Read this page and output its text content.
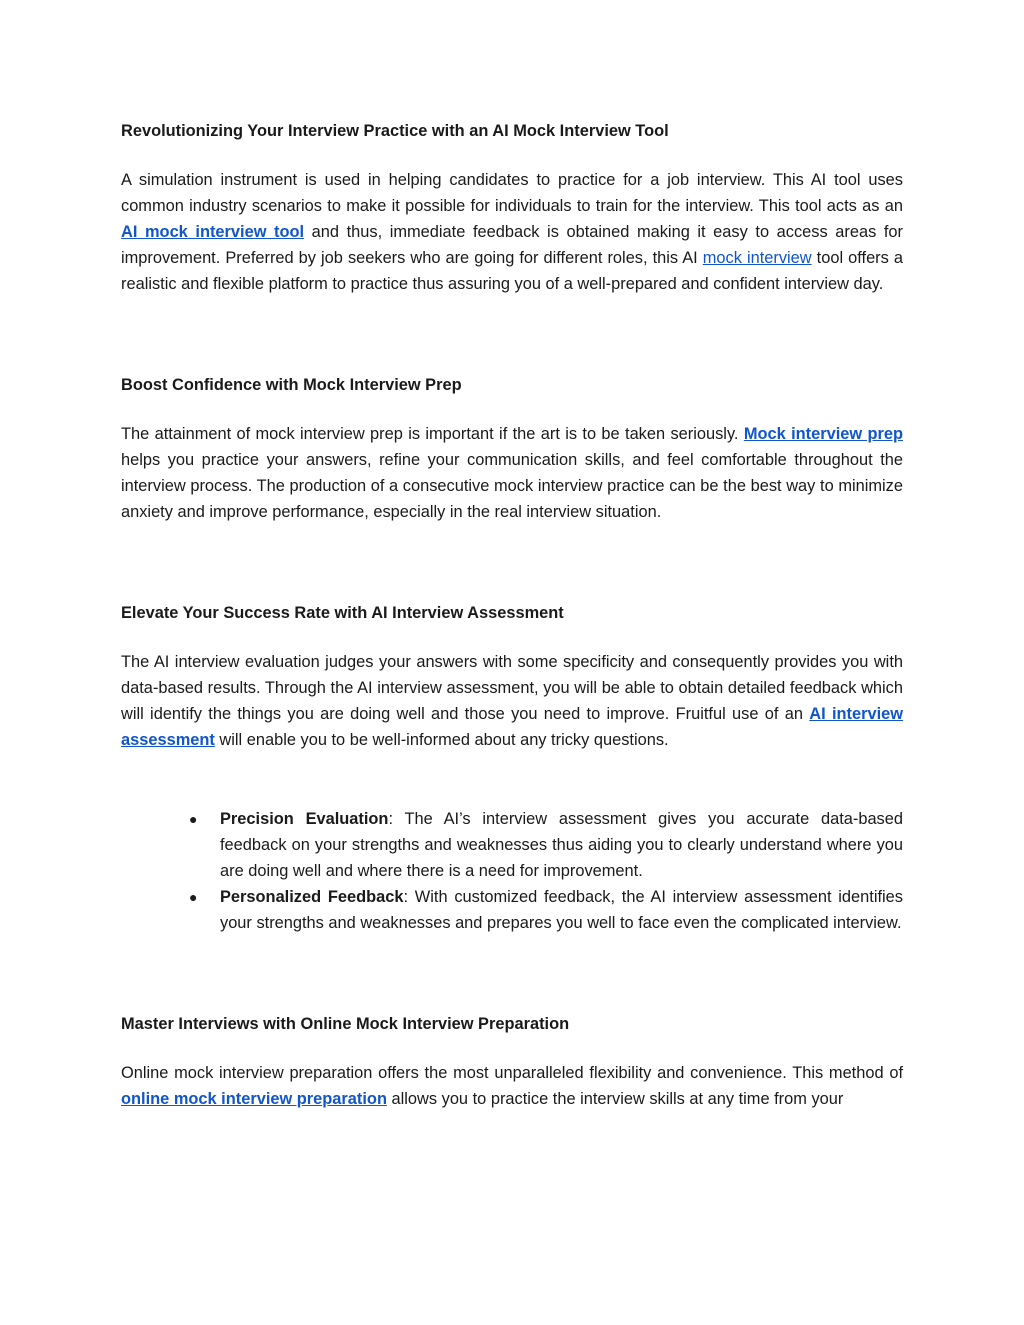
Revolutionizing Your Interview Practice with an AI Mock Interview Tool

A simulation instrument is used in helping candidates to practice for a job interview. This AI tool uses common industry scenarios to make it possible for individuals to train for the interview. This tool acts as an AI mock interview tool and thus, immediate feedback is obtained making it easy to access areas for improvement. Preferred by job seekers who are going for different roles, this AI mock interview tool offers a realistic and flexible platform to practice thus assuring you of a well-prepared and confident interview day.

Boost Confidence with Mock Interview Prep

The attainment of mock interview prep is important if the art is to be taken seriously. Mock interview prep helps you practice your answers, refine your communication skills, and feel comfortable throughout the interview process. The production of a consecutive mock interview practice can be the best way to minimize anxiety and improve performance, especially in the real interview situation.

Elevate Your Success Rate with AI Interview Assessment

The AI interview evaluation judges your answers with some specificity and consequently provides you with data-based results. Through the AI interview assessment, you will be able to obtain detailed feedback which will identify the things you are doing well and those you need to improve. Fruitful use of an AI interview assessment will enable you to be well-informed about any tricky questions.

● Precision Evaluation: The AI’s interview assessment gives you accurate data-based feedback on your strengths and weaknesses thus aiding you to clearly understand where you are doing well and where there is a need for improvement.
● Personalized Feedback: With customized feedback, the AI interview assessment identifies your strengths and weaknesses and prepares you well to face even the complicated interview.
Master Interviews with Online Mock Interview Preparation

Online mock interview preparation offers the most unparalleled flexibility and convenience. This method of online mock interview preparation allows you to practice the interview skills at any time from your
